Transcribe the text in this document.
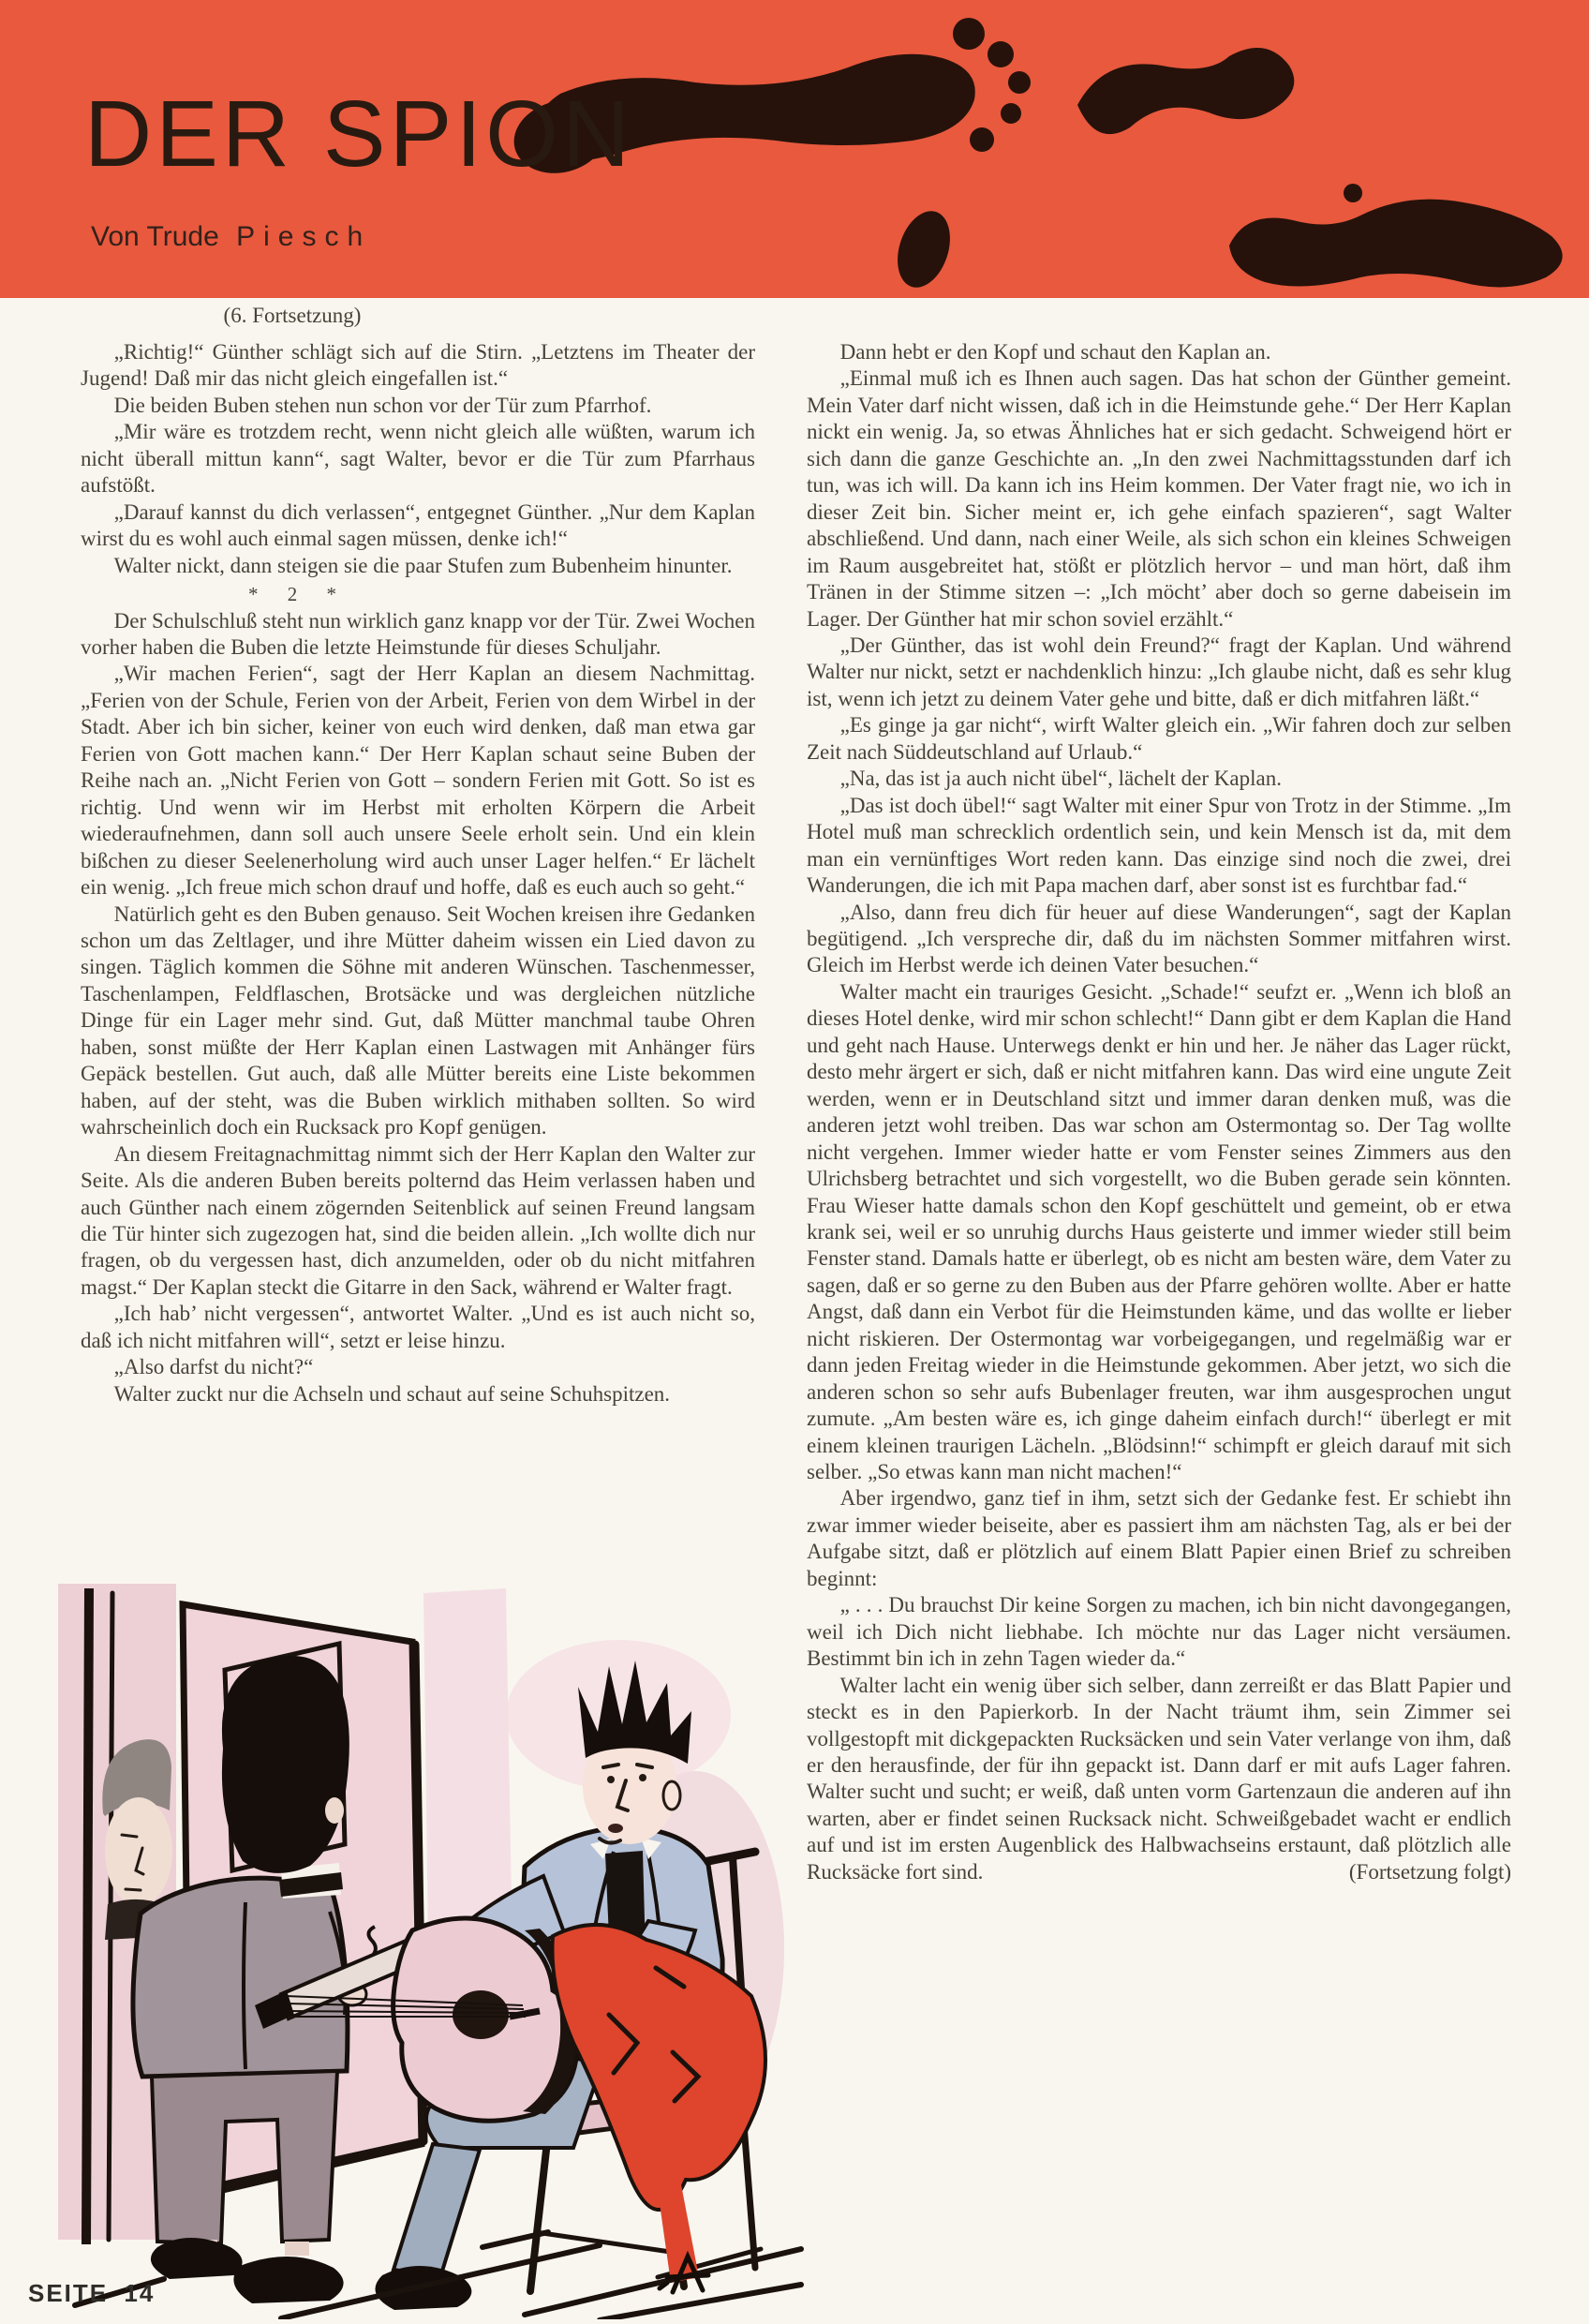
DER SPION
Von Trude Piesch
(6. Fortsetzung)

„Richtig!“ Günther schlägt sich auf die Stirn. „Letztens im Theater der Jugend! Daß mir das nicht gleich eingefallen ist.“

Die beiden Buben stehen nun schon vor der Tür zum Pfarrhof.

„Mir wäre es trotzdem recht, wenn nicht gleich alle wüßten, warum ich nicht überall mittun kann“, sagt Walter, bevor er die Tür zum Pfarrhaus aufstößt.

„Darauf kannst du dich verlassen“, entgegnet Günther. „Nur dem Kaplan wirst du es wohl auch einmal sagen müssen, denke ich!“

Walter nickt, dann steigen sie die paar Stufen zum Bubenheim hinunter.

* 2 *

Der Schulschluß steht nun wirklich ganz knapp vor der Tür. Zwei Wochen vorher haben die Buben die letzte Heimstunde für dieses Schuljahr.

„Wir machen Ferien“, sagt der Herr Kaplan an diesem Nachmittag. „Ferien von der Schule, Ferien von der Arbeit, Ferien von dem Wirbel in der Stadt. Aber ich bin sicher, keiner von euch wird denken, daß man etwa gar Ferien von Gott machen kann.“ Der Herr Kaplan schaut seine Buben der Reihe nach an. „Nicht Ferien von Gott – sondern Ferien mit Gott. So ist es richtig. Und wenn wir im Herbst mit erholten Körpern die Arbeit wiederaufnehmen, dann soll auch unsere Seele erholt sein. Und ein klein bißchen zu dieser Seelenerholung wird auch unser Lager helfen.“ Er lächelt ein wenig. „Ich freue mich schon drauf und hoffe, daß es euch auch so geht.“

Natürlich geht es den Buben genauso. Seit Wochen kreisen ihre Gedanken schon um das Zeltlager, und ihre Mütter daheim wissen ein Lied davon zu singen. Täglich kommen die Söhne mit anderen Wünschen. Taschenmesser, Taschenlampen, Feldflaschen, Brotsäcke und was dergleichen nützliche Dinge für ein Lager mehr sind. Gut, daß Mütter manchmal taube Ohren haben, sonst müßte der Herr Kaplan einen Lastwagen mit Anhänger fürs Gepäck bestellen. Gut auch, daß alle Mütter bereits eine Liste bekommen haben, auf der steht, was die Buben wirklich mithaben sollten. So wird wahrscheinlich doch ein Rucksack pro Kopf genügen.

An diesem Freitagnachmittag nimmt sich der Herr Kaplan den Walter zur Seite. Als die anderen Buben bereits polternd das Heim verlassen haben und auch Günther nach einem zögernden Seitenblick auf seinen Freund langsam die Tür hinter sich zugezogen hat, sind die beiden allein. „Ich wollte dich nur fragen, ob du vergessen hast, dich anzumelden, oder ob du nicht mitfahren magst.“ Der Kaplan steckt die Gitarre in den Sack, während er Walter fragt.

„Ich hab’ nicht vergessen“, antwortet Walter. „Und es ist auch nicht so, daß ich nicht mitfahren will“, setzt er leise hinzu.

„Also darfst du nicht?“

Walter zuckt nur die Achseln und schaut auf seine Schuhspitzen.

Dann hebt er den Kopf und schaut den Kaplan an.

„Einmal muß ich es Ihnen auch sagen. Das hat schon der Günther gemeint. Mein Vater darf nicht wissen, daß ich in die Heimstunde gehe.“ Der Herr Kaplan nickt ein wenig. Ja, so etwas Ähnliches hat er sich gedacht. Schweigend hört er sich dann die ganze Geschichte an. „In den zwei Nachmittagsstunden darf ich tun, was ich will. Da kann ich ins Heim kommen. Der Vater fragt nie, wo ich in dieser Zeit bin. Sicher meint er, ich gehe einfach spazieren“, sagt Walter abschließend. Und dann, nach einer Weile, als sich schon ein kleines Schweigen im Raum ausgebreitet hat, stößt er plötzlich hervor – und man hört, daß ihm Tränen in der Stimme sitzen –: „Ich möcht’ aber doch so gerne dabeisein im Lager. Der Günther hat mir schon soviel erzählt.“

„Der Günther, das ist wohl dein Freund?“ fragt der Kaplan. Und während Walter nur nickt, setzt er nachdenklich hinzu: „Ich glaube nicht, daß es sehr klug ist, wenn ich jetzt zu deinem Vater gehe und bitte, daß er dich mitfahren läßt.“

„Es ginge ja gar nicht“, wirft Walter gleich ein. „Wir fahren doch zur selben Zeit nach Süddeutschland auf Urlaub.“

„Na, das ist ja auch nicht übel“, lächelt der Kaplan.

„Das ist doch übel!“ sagt Walter mit einer Spur von Trotz in der Stimme. „Im Hotel muß man schrecklich ordentlich sein, und kein Mensch ist da, mit dem man ein vernünftiges Wort reden kann. Das einzige sind noch die zwei, drei Wanderungen, die ich mit Papa machen darf, aber sonst ist es furchtbar fad.“

„Also, dann freu dich für heuer auf diese Wanderungen“, sagt der Kaplan begütigend. „Ich verspreche dir, daß du im nächsten Sommer mitfahren wirst. Gleich im Herbst werde ich deinen Vater besuchen.“

Walter macht ein trauriges Gesicht. „Schade!“ seufzt er. „Wenn ich bloß an dieses Hotel denke, wird mir schon schlecht!“ Dann gibt er dem Kaplan die Hand und geht nach Hause. Unterwegs denkt er hin und her. Je näher das Lager rückt, desto mehr ärgert er sich, daß er nicht mitfahren kann. Das wird eine ungute Zeit werden, wenn er in Deutschland sitzt und immer daran denken muß, was die anderen jetzt wohl treiben. Das war schon am Ostermontag so. Der Tag wollte nicht vergehen. Immer wieder hatte er vom Fenster seines Zimmers aus den Ulrichsberg betrachtet und sich vorgestellt, wo die Buben gerade sein könnten. Frau Wieser hatte damals schon den Kopf geschüttelt und gemeint, ob er etwa krank sei, weil er so unruhig durchs Haus geisterte und immer wieder still beim Fenster stand. Damals hatte er überlegt, ob es nicht am besten wäre, dem Vater zu sagen, daß er so gerne zu den Buben aus der Pfarre gehören wollte. Aber er hatte Angst, daß dann ein Verbot für die Heimstunden käme, und das wollte er lieber nicht riskieren. Der Ostermontag war vorbeigegangen, und regelmäßig war er dann jeden Freitag wieder in die Heimstunde gekommen. Aber jetzt, wo sich die anderen schon so sehr aufs Bubenlager freuten, war ihm ausgesprochen ungut zumute. „Am besten wäre es, ich ginge daheim einfach durch!“ überlegt er mit einem kleinen traurigen Lächeln. „Blödsinn!“ schimpft er gleich darauf mit sich selber. „So etwas kann man nicht machen!“

Aber irgendwo, ganz tief in ihm, setzt sich der Gedanke fest. Er schiebt ihn zwar immer wieder beiseite, aber es passiert ihm am nächsten Tag, als er bei der Aufgabe sitzt, daß er plötzlich auf einem Blatt Papier einen Brief zu schreiben beginnt:

„ . . . Du brauchst Dir keine Sorgen zu machen, ich bin nicht davongegangen, weil ich Dich nicht liebhabe. Ich möchte nur das Lager nicht versäumen. Bestimmt bin ich in zehn Tagen wieder da.“

Walter lacht ein wenig über sich selber, dann zerreißt er das Blatt Papier und steckt es in den Papierkorb. In der Nacht träumt ihm, sein Zimmer sei vollgestopft mit dickgepackten Rucksäcken und sein Vater verlange von ihm, daß er den herausfinde, der für ihn gepackt ist. Dann darf er mit aufs Lager fahren. Walter sucht und sucht; er weiß, daß unten vorm Gartenzaun die anderen auf ihn warten, aber er findet seinen Rucksack nicht. Schweißgebadet wacht er endlich auf und ist im ersten Augenblick des Halbwachseins erstaunt, daß plötzlich alle Rucksäcke fort sind.	(Fortsetzung folgt)

SEITE 14
